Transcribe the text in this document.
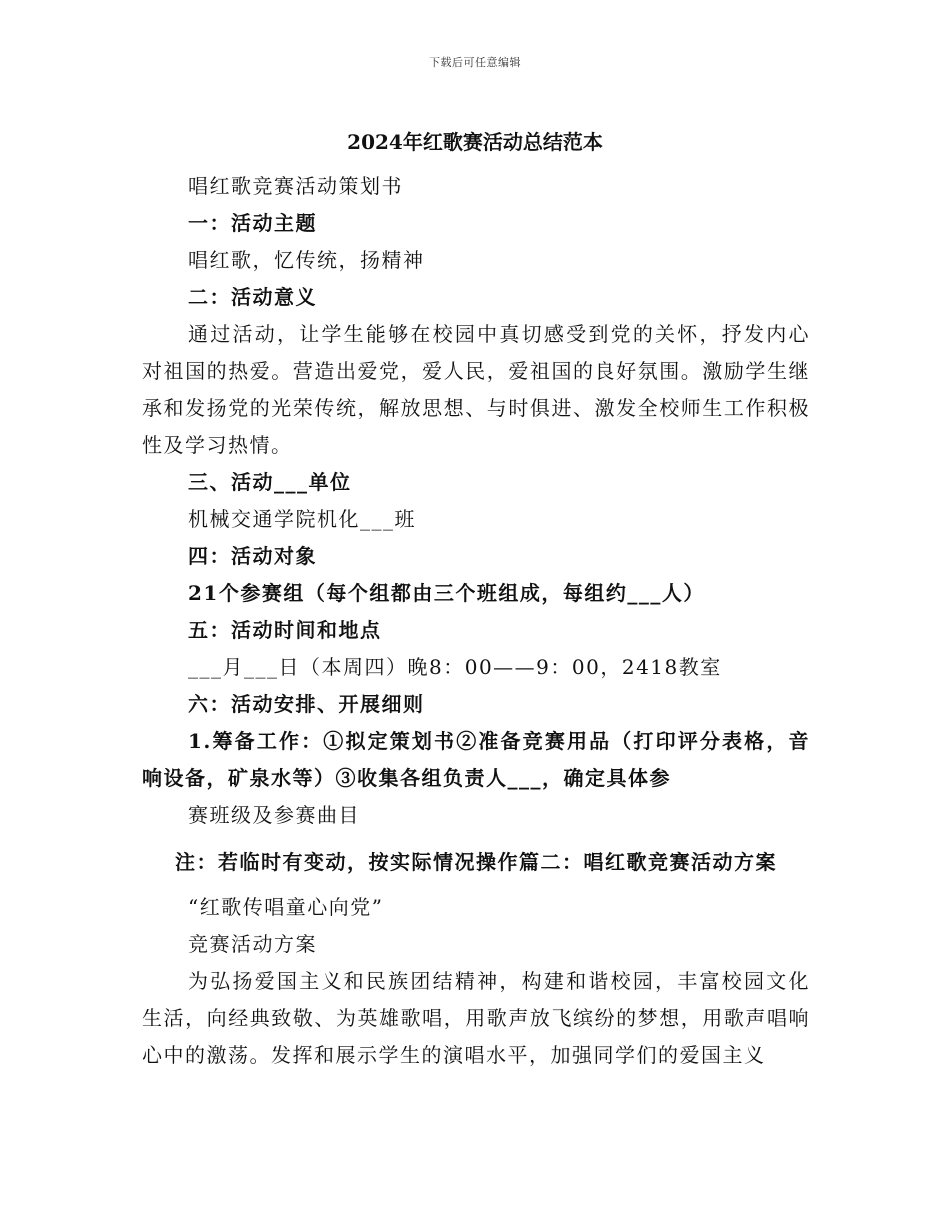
下载后可任意编辑
2024年红歌赛活动总结范本

唱红歌竞赛活动策划书

一：活动主题

唱红歌，忆传统，扬精神

二：活动意义

通过活动，让学生能够在校园中真切感受到党的关怀，抒发内心对祖国的热爱。营造出爱党，爱人民，爱祖国的良好氛围。激励学生继承和发扬党的光荣传统，解放思想、与时俱进、激发全校师生工作积极性及学习热情。

三、活动___单位

机械交通学院机化___班

四：活动对象

21个参赛组（每个组都由三个班组成，每组约___人）

五：活动时间和地点

___月___日（本周四）晚8：00——9：00，2418教室

六：活动安排、开展细则

1.筹备工作：①拟定策划书②准备竞赛用品（打印评分表格，音响设备，矿泉水等）③收集各组负责人___，确定具体参

赛班级及参赛曲目

注：若临时有变动，按实际情况操作篇二：唱红歌竞赛活动方案

“红歌传唱童心向党”

竞赛活动方案

为弘扬爱国主义和民族团结精神，构建和谐校园，丰富校园文化生活，向经典致敬、为英雄歌唱，用歌声放飞缤纷的梦想，用歌声唱响心中的激荡。发挥和展示学生的演唱水平，加强同学们的爱国主义
